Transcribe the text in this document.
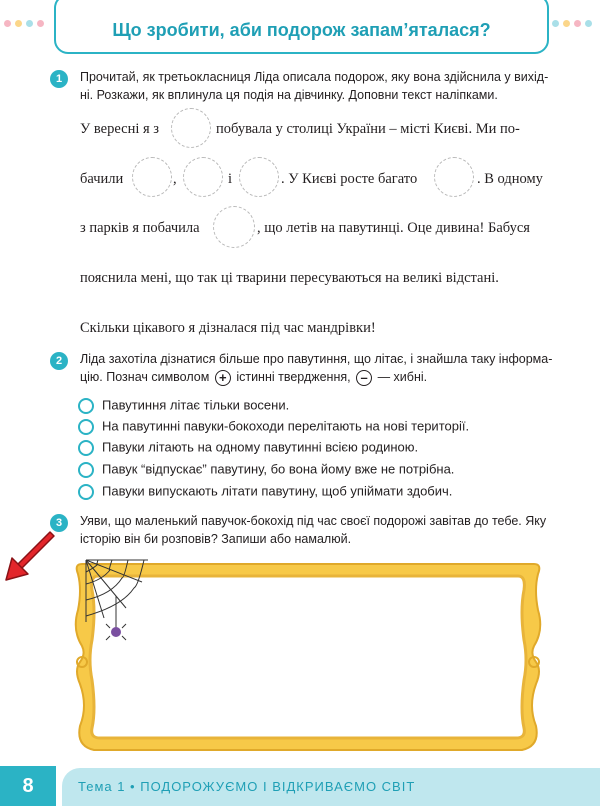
Що зробити, аби подорож запам’яталася?
1	Прочитай, як третьокласниця Ліда описала подорож, яку вона здійснила у вихід-
ні. Розкажи, як вплинула ця подія на дівчинку. Доповни текст наліпками.
У вересні я з	побувала у столиці України – місті Києві. Ми по-
бачили	,	і	. У Києві росте багато	. В одному
з парків я побачила	, що летів на павутинці. Оце дивина! Бабуся
пояснила мені, що так ці тварини пересуваються на великі відстані.
Скільки цікавого я дізналася під час мандрівки!
2	Ліда захотіла дізнатися більше про павутиння, що літає, і знайшла таку інформа-
цію. Познач символом + істинні твердження, – — хибні.
Павутиння літає тільки восени.
На павутинні павуки-бокоходи перелітають на нові території.
Павуки літають на одному павутинні всією родиною.
Павук “відпускає” павутину, бо вона йому вже не потрібна.
Павуки випускають літати павутину, щоб упіймати здобич.
3	Уяви, що маленький павучок-бокохід під час своєї подорожі завітав до тебе. Яку
історію він би розповів? Запиши або намалюй.
8	Тема 1 • ПОДОРОЖУЄМО І ВІДКРИВАЄМО СВІТ
